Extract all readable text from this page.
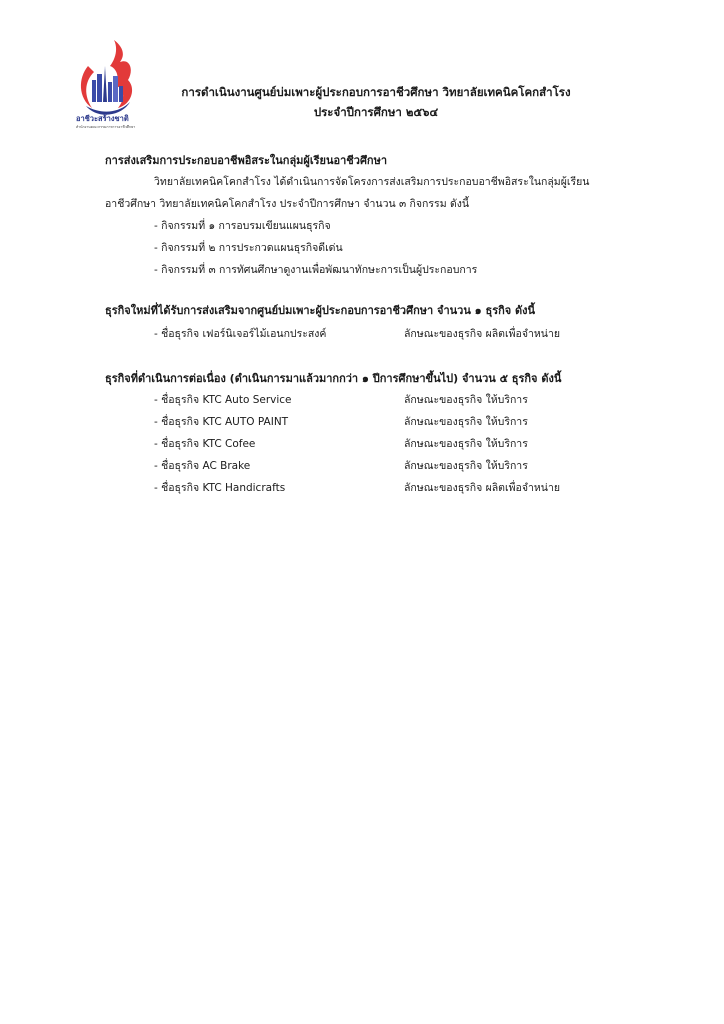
อาชีวะสร้างชาติ
สำนักงานคณะกรรมการการอาชีวศึกษา
การดำเนินงานศูนย์บ่มเพาะผู้ประกอบการอาชีวศึกษา วิทยาลัยเทคนิคโคกสำโรง
ประจำปีการศึกษา ๒๕๖๔
การส่งเสริมการประกอบอาชีพอิสระในกลุ่มผู้เรียนอาชีวศึกษา
วิทยาลัยเทคนิคโคกสำโรง ได้ดำเนินการจัดโครงการส่งเสริมการประกอบอาชีพอิสระในกลุ่มผู้เรียน
อาชีวศึกษา วิทยาลัยเทคนิคโคกสำโรง ประจำปีการศึกษา จำนวน ๓ กิจกรรม ดังนี้
- กิจกรรมที่ ๑ การอบรมเขียนแผนธุรกิจ
- กิจกรรมที่ ๒ การประกวดแผนธุรกิจดีเด่น
- กิจกรรมที่ ๓ การทัศนศึกษาดูงานเพื่อพัฒนาทักษะการเป็นผู้ประกอบการ
ธุรกิจใหม่ที่ได้รับการส่งเสริมจากศูนย์บ่มเพาะผู้ประกอบการอาชีวศึกษา จำนวน ๑ ธุรกิจ ดังนี้
- ชื่อธุรกิจ เฟอร์นิเจอร์ไม้เอนกประสงค์	ลักษณะของธุรกิจ ผลิตเพื่อจำหน่าย
ธุรกิจที่ดำเนินการต่อเนื่อง (ดำเนินการมาแล้วมากกว่า ๑ ปีการศึกษาขึ้นไป) จำนวน ๕ ธุรกิจ ดังนี้
- ชื่อธุรกิจ KTC Auto Service	ลักษณะของธุรกิจ ให้บริการ
- ชื่อธุรกิจ KTC AUTO PAINT	ลักษณะของธุรกิจ ให้บริการ
- ชื่อธุรกิจ KTC Cofee	ลักษณะของธุรกิจ ให้บริการ
- ชื่อธุรกิจ AC Brake	ลักษณะของธุรกิจ ให้บริการ
- ชื่อธุรกิจ KTC Handicrafts	ลักษณะของธุรกิจ ผลิตเพื่อจำหน่าย
